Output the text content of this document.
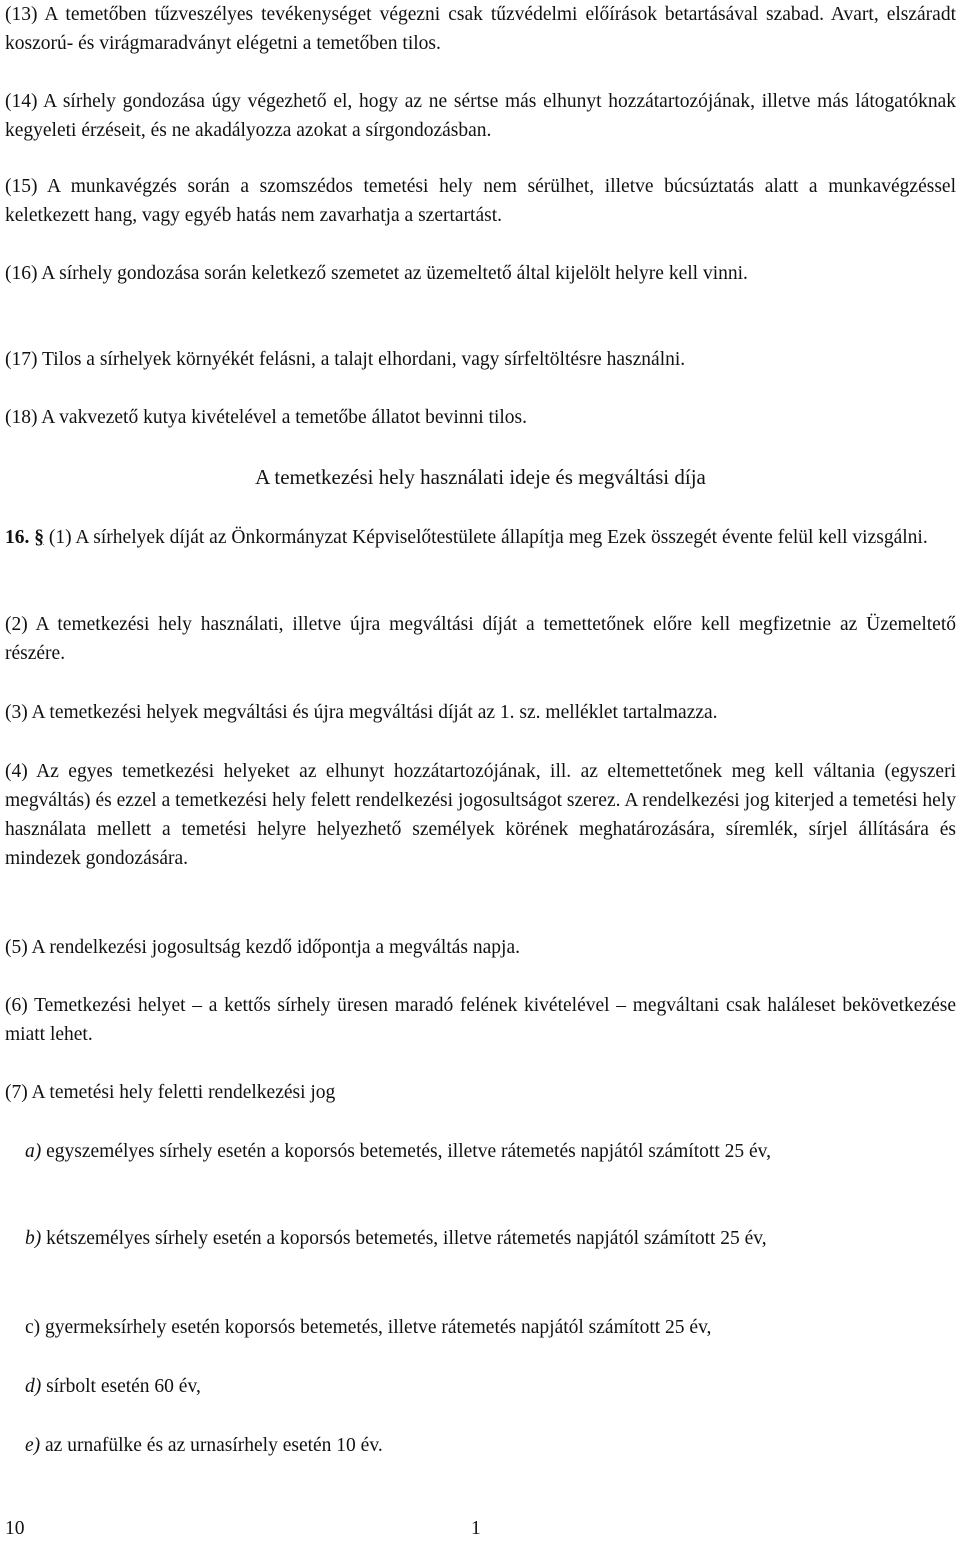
(13) A temetőben tűzveszélyes tevékenységet végezni csak tűzvédelmi előírások betartásával szabad. Avart, elszáradt koszorú- és virágmaradványt elégetni a temetőben tilos.

(14) A sírhely gondozása úgy végezhető el, hogy az ne sértse más elhunyt hozzátartozójának, illetve más látogatóknak kegyeleti érzéseit, és ne akadályozza azokat a sírgondozásban.

(15) A munkavégzés során a szomszédos temetési hely nem sérülhet, illetve búcsúztatás alatt a munkavégzéssel keletkezett hang, vagy egyéb hatás nem zavarhatja a szertartást.

(16) A sírhely gondozása során keletkező szemetet az üzemeltető által kijelölt helyre kell vinni.

(17) Tilos a sírhelyek környékét felásni, a talajt elhordani, vagy sírfeltöltésre használni.

(18) A vakvezető kutya kivételével a temetőbe állatot bevinni tilos.

A temetkezési hely használati ideje és megváltási díja

16. § (1) A sírhelyek díját az Önkormányzat Képviselőtestülete állapítja meg Ezek összegét évente felül kell vizsgálni.

(2) A temetkezési hely használati, illetve újra megváltási díját a temettetőnek előre kell megfizetnie az Üzemeltető részére.

(3) A temetkezési helyek megváltási és újra megváltási díját az 1. sz. melléklet tartalmazza.

(4) Az egyes temetkezési helyeket az elhunyt hozzátartozójának, ill. az eltemettetőnek meg kell váltania (egyszeri megváltás) és ezzel a temetkezési hely felett rendelkezési jogosultságot szerez. A rendelkezési jog kiterjed a temetési hely használata mellett a temetési helyre helyezhető személyek körének meghatározására, síremlék, sírjel állítására és mindezek gondozására.

(5) A rendelkezési jogosultság kezdő időpontja a megváltás napja.

(6) Temetkezési helyet – a kettős sírhely üresen maradó felének kivételével – megváltani csak haláleset bekövetkezése miatt lehet.

(7) A temetési hely feletti rendelkezési jog

a) egyszemélyes sírhely esetén a koporsós betemetés, illetve rátemetés napjától számított 25 év,

b) kétszemélyes sírhely esetén a koporsós betemetés, illetve rátemetés napjától számított 25 év,

c) gyermeksírhely esetén koporsós betemetés, illetve rátemetés napjától számított 25 év,

d) sírbolt esetén 60 év,

e) az urnafülke és az urnasírhely esetén 10 év.

10	1
